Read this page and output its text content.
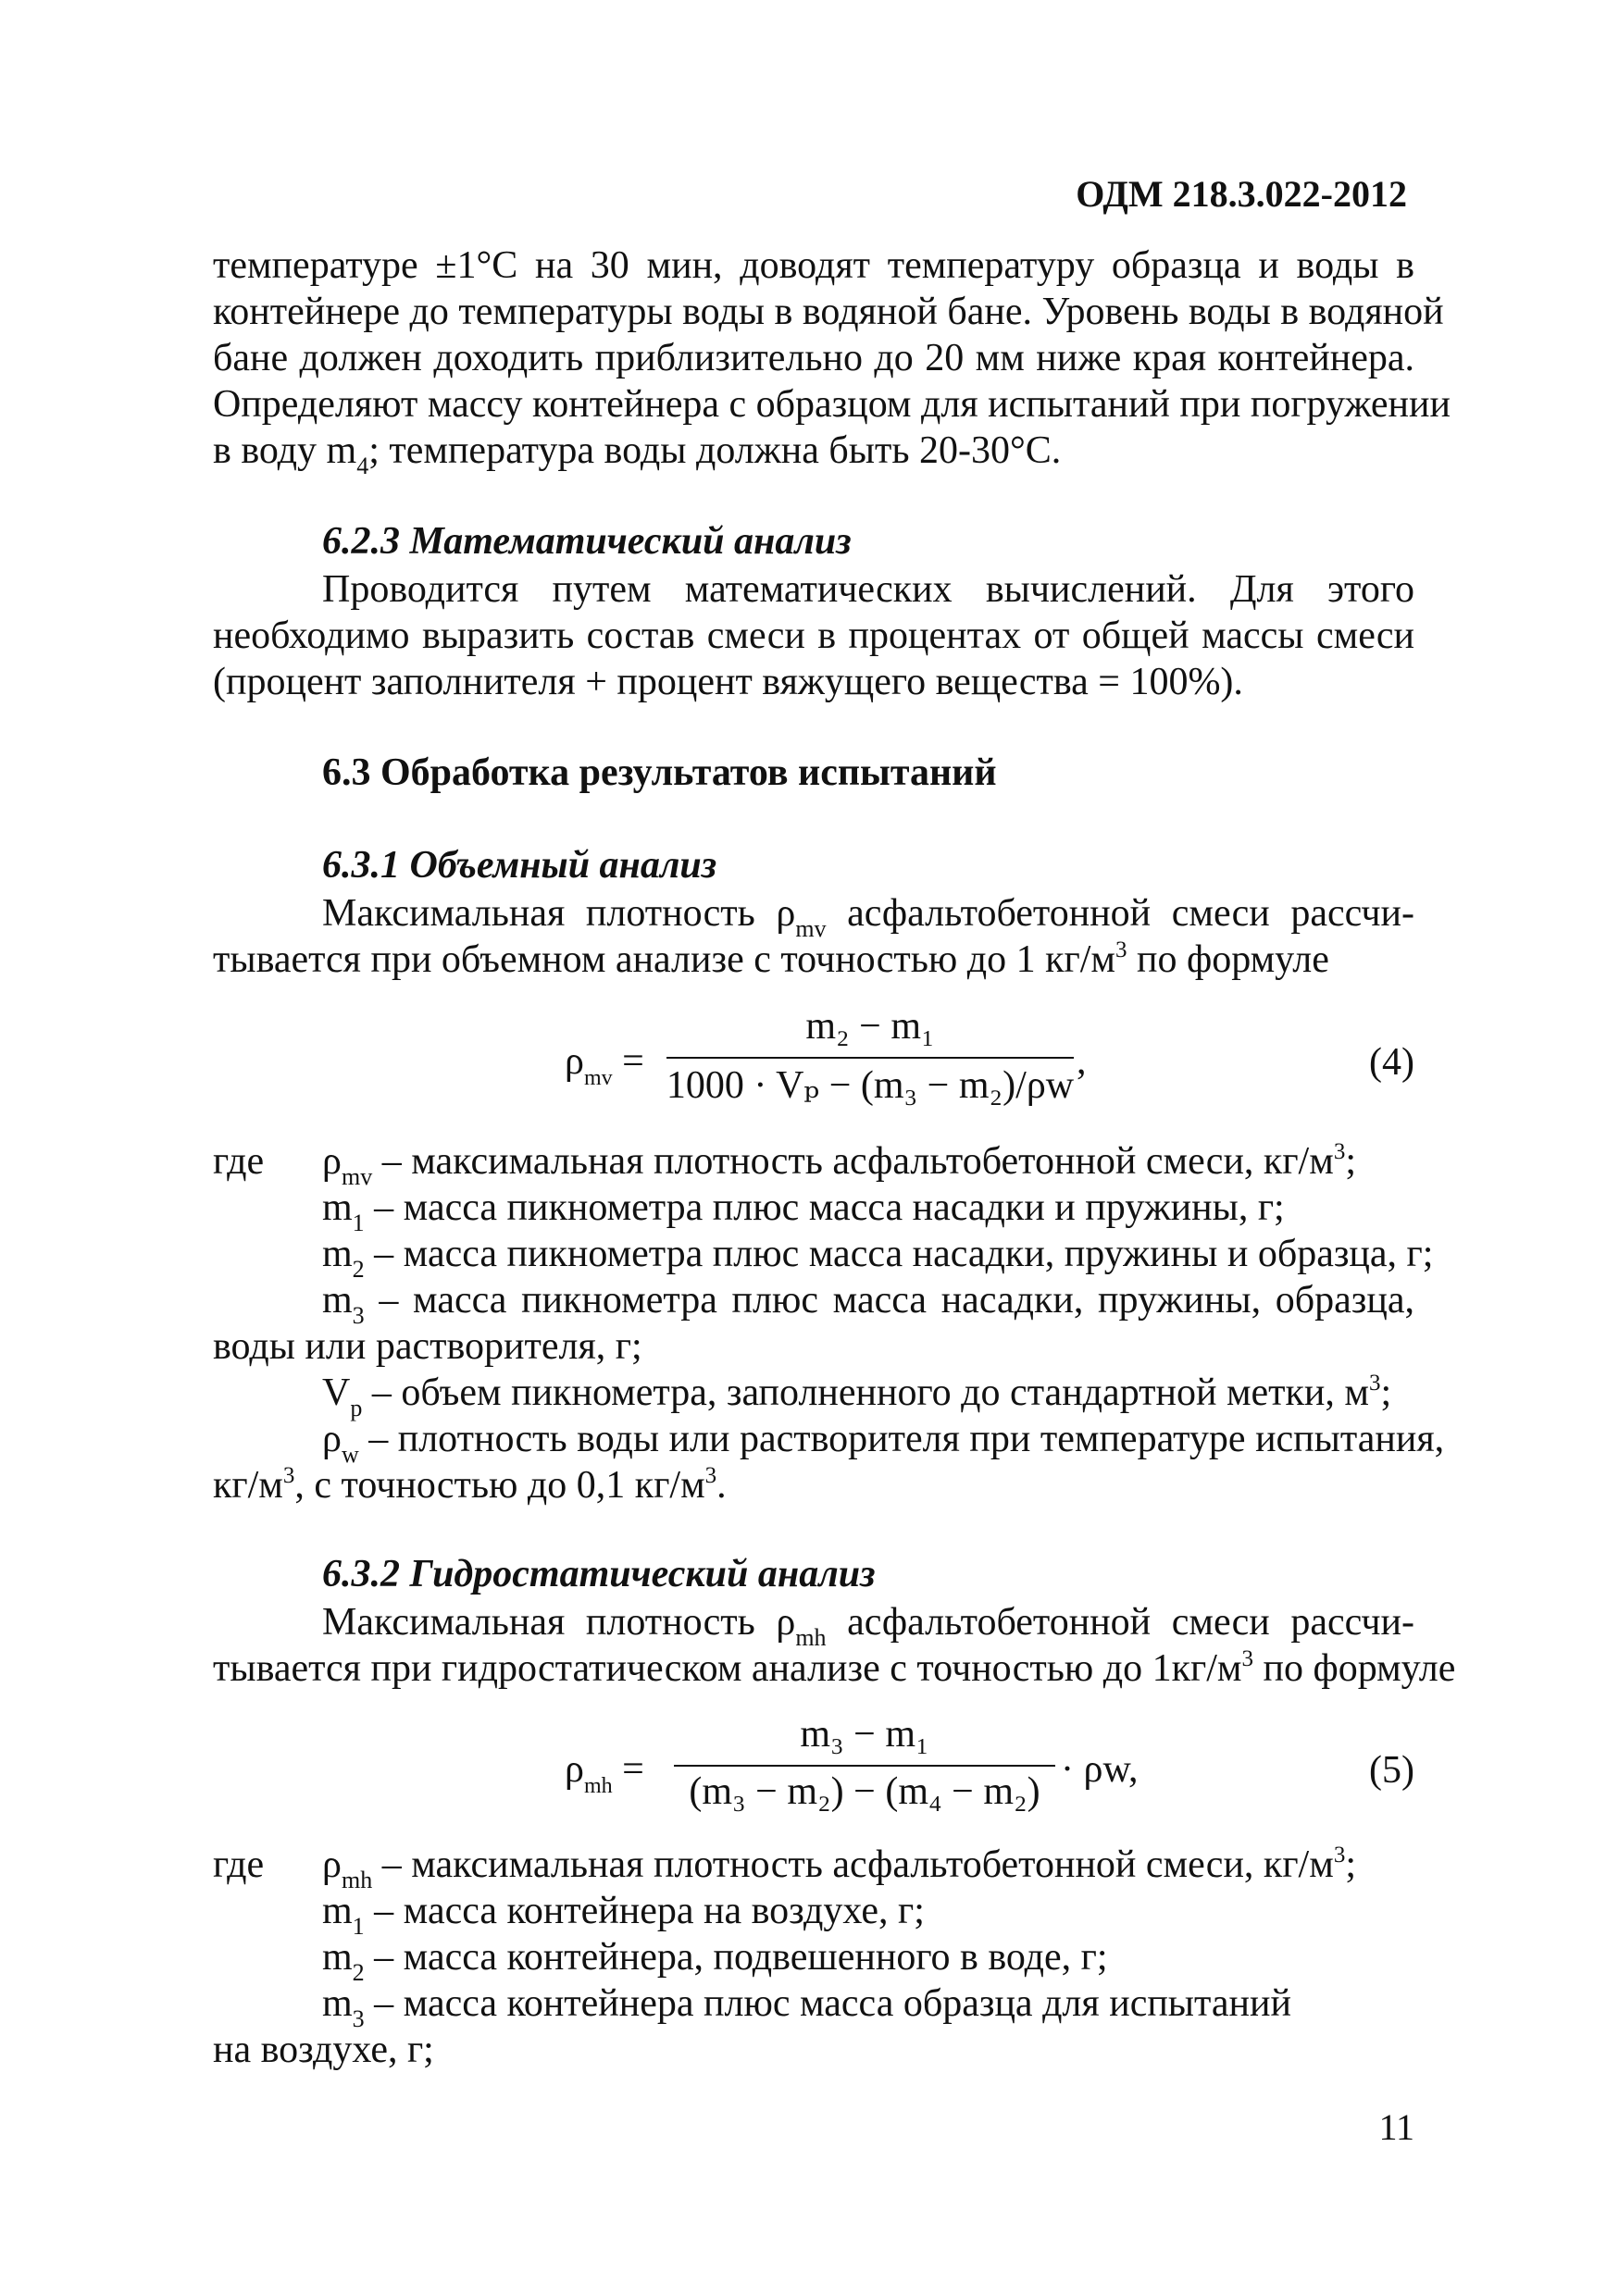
ОДМ 218.3.022-2012
температуре ±1°С на 30 мин, доводят температуру образца и воды в
контейнере до температуры воды в водяной бане. Уровень воды в водяной
бане должен доходить приблизительно до 20 мм ниже края контейнера.
Определяют массу контейнера с образцом для испытаний при погружении
в воду $m_4$; температура воды должна быть 20-30°С.
6.2.3 Математический анализ
Проводится путем математических вычислений. Для этого
необходимо выразить состав смеси в процентах от общей массы смеси
(процент заполнителя + процент вяжущего вещества = 100%).
6.3 Обработка результатов испытаний
6.3.1 Объемный анализ
Максимальная плотность $\rho_{mv}$ асфальтобетонной смеси рассчи-
тывается при объемном анализе с точностью до 1 $кг/м^3$ по формуле
$\rho_{mv}$ =
m₂ − m₁
1000 · Vₚ − (m₃ − m₂)/ρw
,	(4)
где $\rho_{mv}$ – максимальная плотность асфальтобетонной смеси, $кг/м^3$;
$m_1$ – масса пикнометра плюс масса насадки и пружины, г;
$m_2$ – масса пикнометра плюс масса насадки, пружины и образца, г;
$m_3$ – масса пикнометра плюс масса насадки, пружины, образца,
воды или растворителя, г;
$V_p$ – объем пикнометра, заполненного до стандартной метки, $м^3$;
$\rho_w$ – плотность воды или растворителя при температуре испытания,
$кг/м^3$, с точностью до 0,1 $кг/м^3$.
6.3.2 Гидростатический анализ
Максимальная плотность $\rho_{mh}$ асфальтобетонной смеси рассчи-
тывается при гидростатическом анализе с точностью до $1кг/м^3$ по формуле
$\rho_{mh}$ =
m₃ − m₁
(m₃ − m₂) − (m₄ − m₂)
· ρw,	(5)
где $\rho_{mh}$ – максимальная плотность асфальтобетонной смеси, $кг/м^3$;
$m_1$ – масса контейнера на воздухе, г;
$m_2$ – масса контейнера, подвешенного в воде, г;
$m_3$ – масса контейнера плюс масса образца для испытаний
на воздухе, г;
11
